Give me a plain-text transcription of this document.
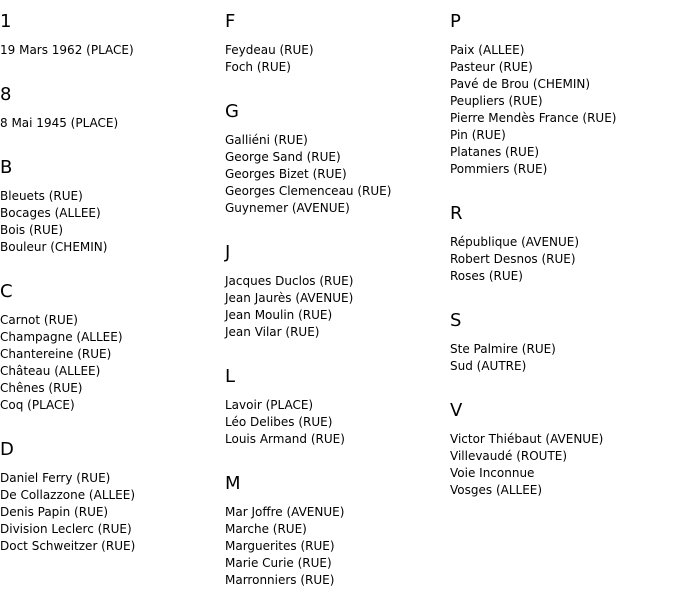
1
19 Mars 1962 (PLACE)
8
8 Mai 1945 (PLACE)
B
Bleuets (RUE)
Bocages (ALLEE)
Bois (RUE)
Bouleur (CHEMIN)
C
Carnot (RUE)
Champagne (ALLEE)
Chantereine (RUE)
Château (ALLEE)
Chênes (RUE)
Coq (PLACE)
D
Daniel Ferry (RUE)
De Collazzone (ALLEE)
Denis Papin (RUE)
Division Leclerc (RUE)
Doct Schweitzer (RUE)
F
Feydeau (RUE)
Foch (RUE)
G
Galliéni (RUE)
George Sand (RUE)
Georges Bizet (RUE)
Georges Clemenceau (RUE)
Guynemer (AVENUE)
J
Jacques Duclos (RUE)
Jean Jaurès (AVENUE)
Jean Moulin (RUE)
Jean Vilar (RUE)
L
Lavoir (PLACE)
Léo Delibes (RUE)
Louis Armand (RUE)
M
Mar Joffre (AVENUE)
Marche (RUE)
Marguerites (RUE)
Marie Curie (RUE)
Marronniers (RUE)
P
Paix (ALLEE)
Pasteur (RUE)
Pavé de Brou (CHEMIN)
Peupliers (RUE)
Pierre Mendès France (RUE)
Pin (RUE)
Platanes (RUE)
Pommiers (RUE)
R
République (AVENUE)
Robert Desnos (RUE)
Roses (RUE)
S
Ste Palmire (RUE)
Sud (AUTRE)
V
Victor Thiébaut (AVENUE)
Villevaudé (ROUTE)
Voie Inconnue
Vosges (ALLEE)
